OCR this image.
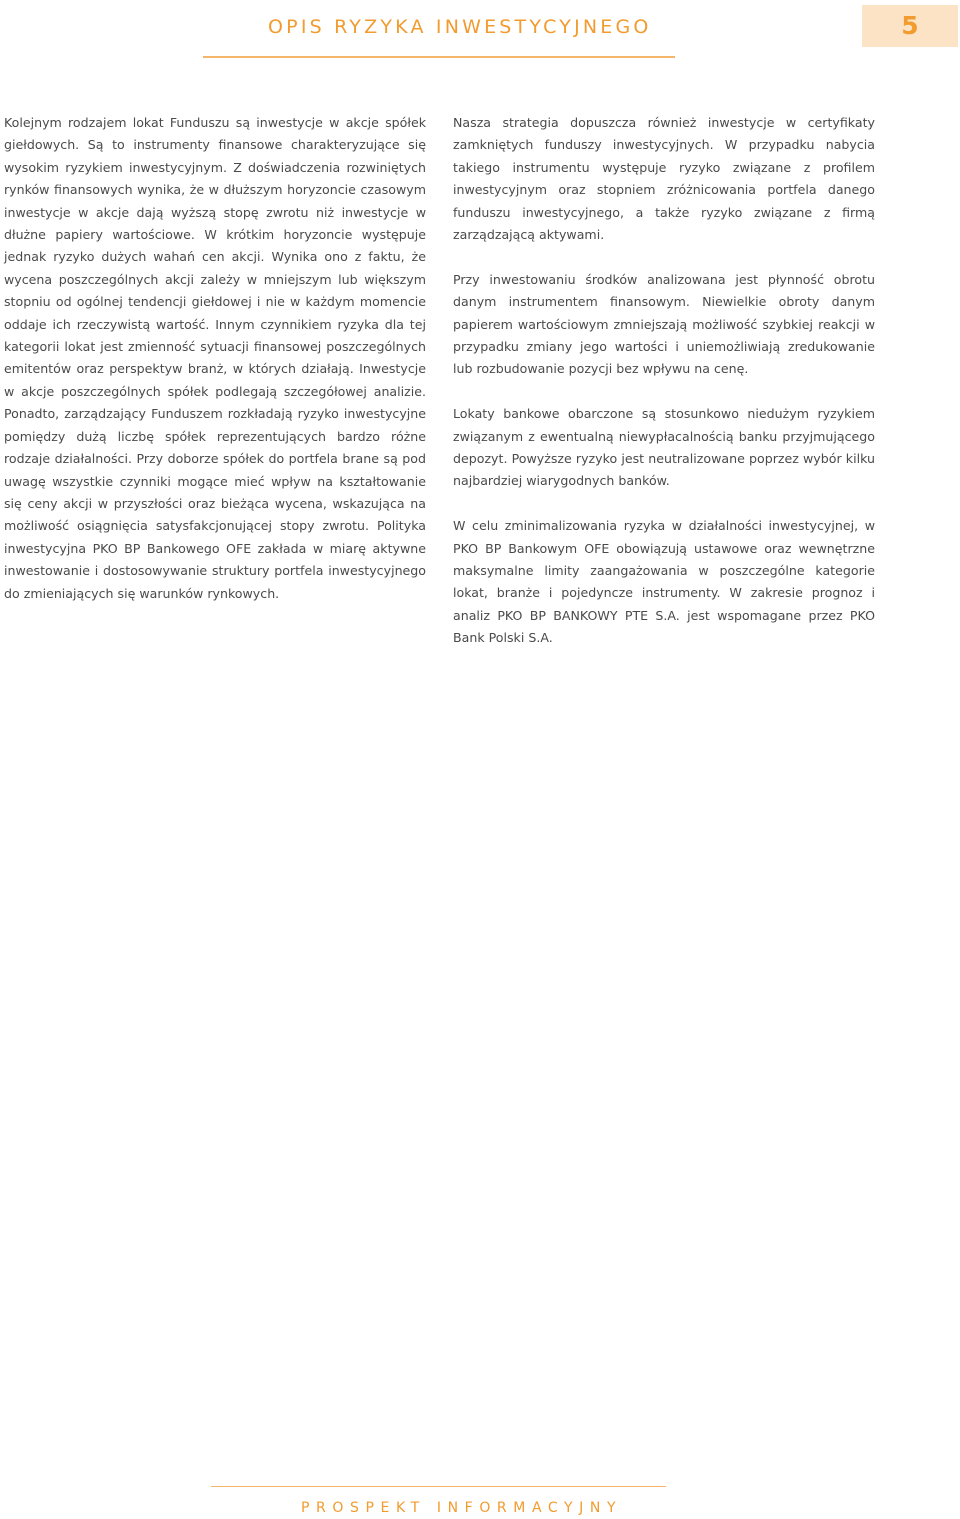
OPIS RYZYKA INWESTYCYJNEGO	5

Kolejnym rodzajem lokat Funduszu są inwestycje w akcje spółek giełdowych. Są to instrumenty finansowe charakteryzujące się wysokim ryzykiem inwestycyjnym. Z doświadczenia rozwiniętych rynków finansowych wynika, że w dłuższym horyzoncie czasowym inwestycje w akcje dają wyższą stopę zwrotu niż inwestycje w dłużne papiery wartościowe. W krótkim horyzoncie występuje jednak ryzyko dużych wahań cen akcji. Wynika ono z faktu, że wycena poszczególnych akcji zależy w mniejszym lub większym stopniu od ogólnej tendencji giełdowej i nie w każdym momencie oddaje ich rzeczywistą wartość. Innym czynnikiem ryzyka dla tej kategorii lokat jest zmienność sytuacji finansowej poszczególnych emitentów oraz perspektyw branż, w których działają. Inwestycje w akcje poszczególnych spółek podlegają szczegółowej analizie. Ponadto, zarządzający Funduszem rozkładają ryzyko inwestycyjne pomiędzy dużą liczbę spółek reprezentujących bardzo różne rodzaje działalności. Przy doborze spółek do portfela brane są pod uwagę wszystkie czynniki mogące mieć wpływ na kształtowanie się ceny akcji w przyszłości oraz bieżąca wycena, wskazująca na możliwość osiągnięcia satysfakcjonującej stopy zwrotu. Polityka inwestycyjna PKO BP Bankowego OFE zakłada w miarę aktywne inwestowanie i dostosowywanie struktury portfela inwestycyjnego do zmieniających się warunków rynkowych.

Nasza strategia dopuszcza również inwestycje w certyfikaty zamkniętych funduszy inwestycyjnych. W przypadku nabycia takiego instrumentu występuje ryzyko związane z profilem inwestycyjnym oraz stopniem zróżnicowania portfela danego funduszu inwestycyjnego, a także ryzyko związane z firmą zarządzającą aktywami.

Przy inwestowaniu środków analizowana jest płynność obrotu danym instrumentem finansowym. Niewielkie obroty danym papierem wartościowym zmniejszają możliwość szybkiej reakcji w przypadku zmiany jego wartości i uniemożliwiają zredukowanie lub rozbudowanie pozycji bez wpływu na cenę.

Lokaty bankowe obarczone są stosunkowo niedużym ryzykiem związanym z ewentualną niewypłacalnością banku przyjmującego depozyt. Powyższe ryzyko jest neutralizowane poprzez wybór kilku najbardziej wiarygodnych banków.

W celu zminimalizowania ryzyka w działalności inwestycyjnej, w PKO BP Bankowym OFE obowiązują ustawowe oraz wewnętrzne maksymalne limity zaangażowania w poszczególne kategorie lokat, branże i pojedyncze instrumenty. W zakresie prognoz i analiz PKO BP BANKOWY PTE S.A. jest wspomagane przez PKO Bank Polski S.A.

PROSPEKT INFORMACYJNY
